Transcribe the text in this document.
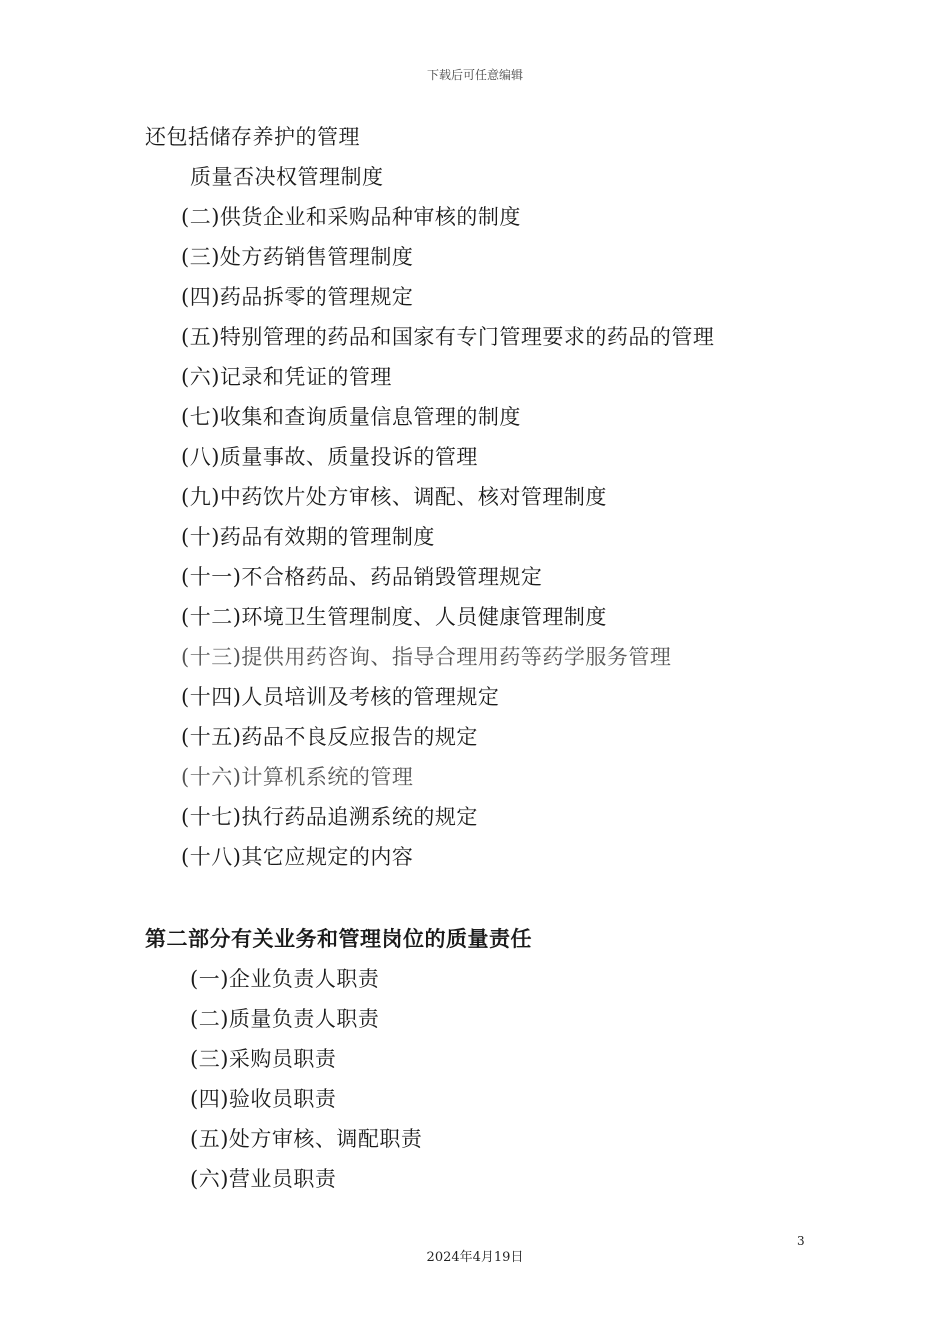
下载后可任意编辑
还包括储存养护的管理
质量否决权管理制度
(二)供货企业和采购品种审核的制度
(三)处方药销售管理制度
(四)药品拆零的管理规定
(五)特别管理的药品和国家有专门管理要求的药品的管理
(六)记录和凭证的管理
(七)收集和查询质量信息管理的制度
(八)质量事故、质量投诉的管理
(九)中药饮片处方审核、调配、核对管理制度
(十)药品有效期的管理制度
(十一)不合格药品、药品销毁管理规定
(十二)环境卫生管理制度、人员健康管理制度
(十三)提供用药咨询、指导合理用药等药学服务管理
(十四)人员培训及考核的管理规定
(十五)药品不良反应报告的规定
(十六)计算机系统的管理
(十七)执行药品追溯系统的规定
(十八)其它应规定的内容
第二部分有关业务和管理岗位的质量责任
(一)企业负责人职责
(二)质量负责人职责
(三)采购员职责
(四)验收员职责
(五)处方审核、调配职责
(六)营业员职责
3
2024年4月19日
